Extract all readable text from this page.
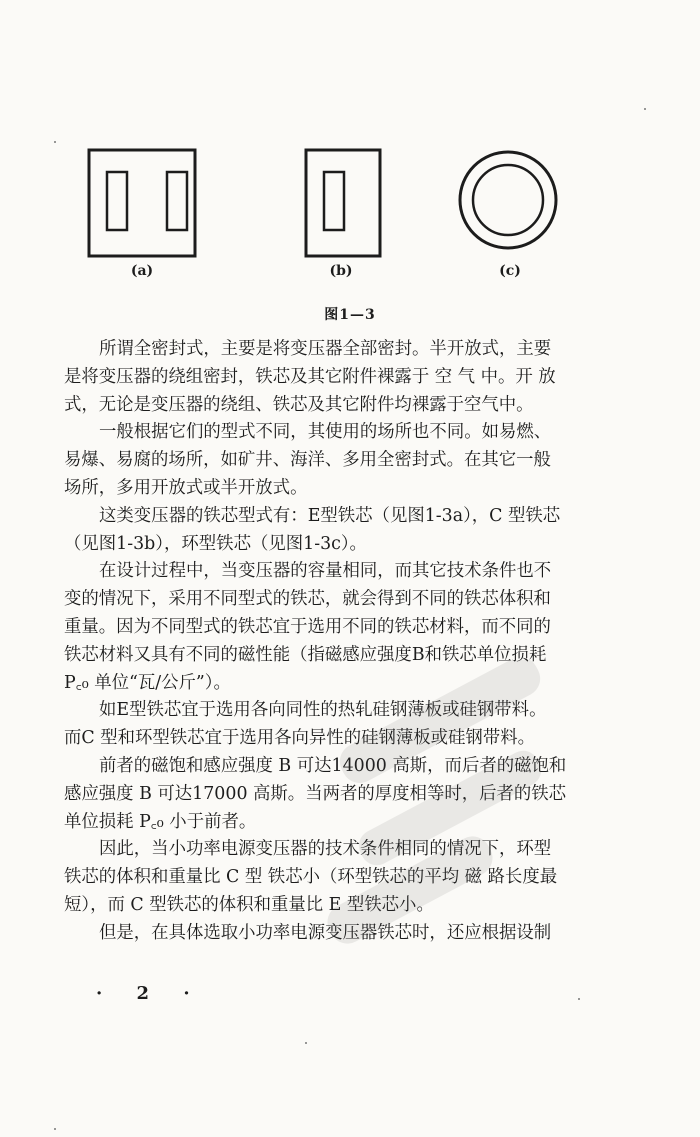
(a)	(b)	(c)
图1—3
所谓全密封式，主要是将变压器全部密封。半开放式，主要
是将变压器的绕组密封，铁芯及其它附件裸露于 空 气 中。开 放
式，无论是变压器的绕组、铁芯及其它附件均裸露于空气中。
一般根据它们的型式不同，其使用的场所也不同。如易燃、
易爆、易腐的场所，如矿井、海洋、多用全密封式。在其它一般
场所，多用开放式或半开放式。
这类变压器的铁芯型式有：E型铁芯（见图1-3a），C 型铁芯
（见图1-3b），环型铁芯（见图1-3c）。
在设计过程中，当变压器的容量相同，而其它技术条件也不
变的情况下，采用不同型式的铁芯，就会得到不同的铁芯体积和
重量。因为不同型式的铁芯宜于选用不同的铁芯材料，而不同的
铁芯材料又具有不同的磁性能（指磁感应强度B和铁芯单位损耗
P꜀₀ 单位“瓦/公斤”）。
如E型铁芯宜于选用各向同性的热轧硅钢薄板或硅钢带料。
而C 型和环型铁芯宜于选用各向异性的硅钢薄板或硅钢带料。
前者的磁饱和感应强度 B 可达14000 高斯，而后者的磁饱和
感应强度 B 可达17000 高斯。当两者的厚度相等时，后者的铁芯
单位损耗 P꜀₀ 小于前者。
因此，当小功率电源变压器的技术条件相同的情况下，环型
铁芯的体积和重量比 C 型 铁芯小（环型铁芯的平均 磁 路长度最
短），而 C 型铁芯的体积和重量比 E 型铁芯小。
但是，在具体选取小功率电源变压器铁芯时，还应根据设制
· 2 ·
